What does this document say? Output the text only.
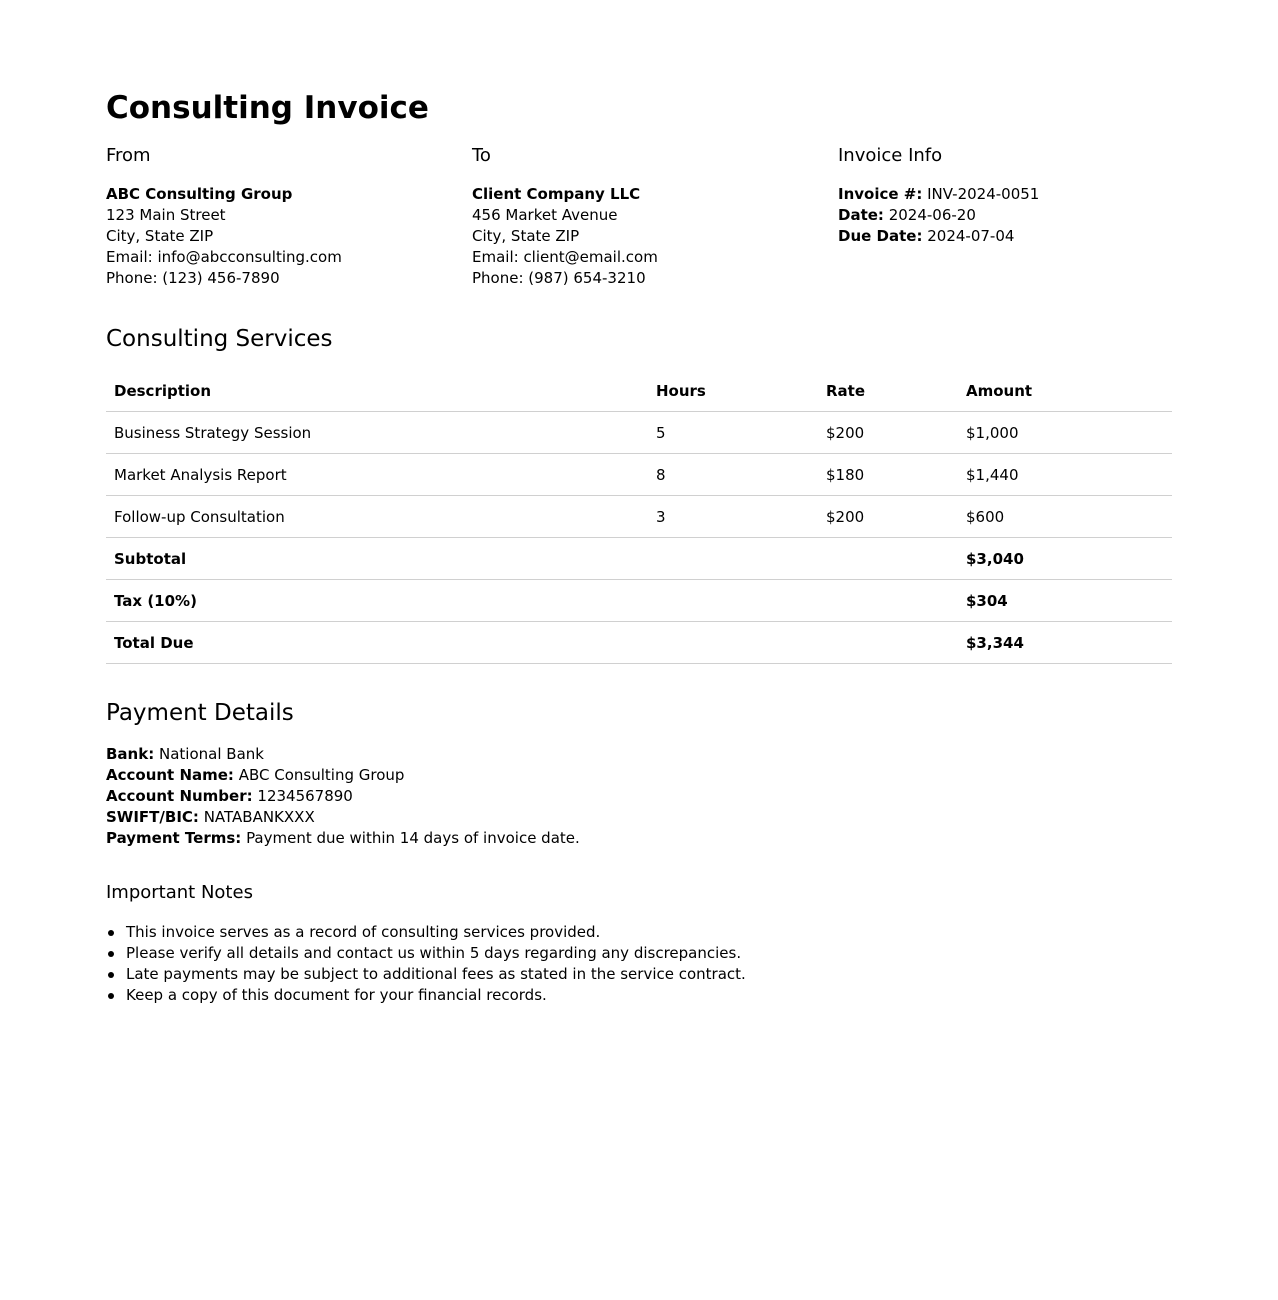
Consulting Invoice
From
ABC Consulting Group
123 Main Street
City, State ZIP
Email: info@abcconsulting.com
Phone: (123) 456-7890
To
Client Company LLC
456 Market Avenue
City, State ZIP
Email: client@email.com
Phone: (987) 654-3210
Invoice Info
Invoice #: INV-2024-0051
Date: 2024-06-20
Due Date: 2024-07-04
Consulting Services
Description	Hours	Rate	Amount
Business Strategy Session	5	$200	$1,000
Market Analysis Report	8	$180	$1,440
Follow-up Consultation	3	$200	$600
Subtotal			$3,040
Tax (10%)			$304
Total Due			$3,344
Payment Details
Bank: National Bank
Account Name: ABC Consulting Group
Account Number: 1234567890
SWIFT/BIC: NATABANKXXX
Payment Terms: Payment due within 14 days of invoice date.
Important Notes
This invoice serves as a record of consulting services provided.
Please verify all details and contact us within 5 days regarding any discrepancies.
Late payments may be subject to additional fees as stated in the service contract.
Keep a copy of this document for your financial records.
